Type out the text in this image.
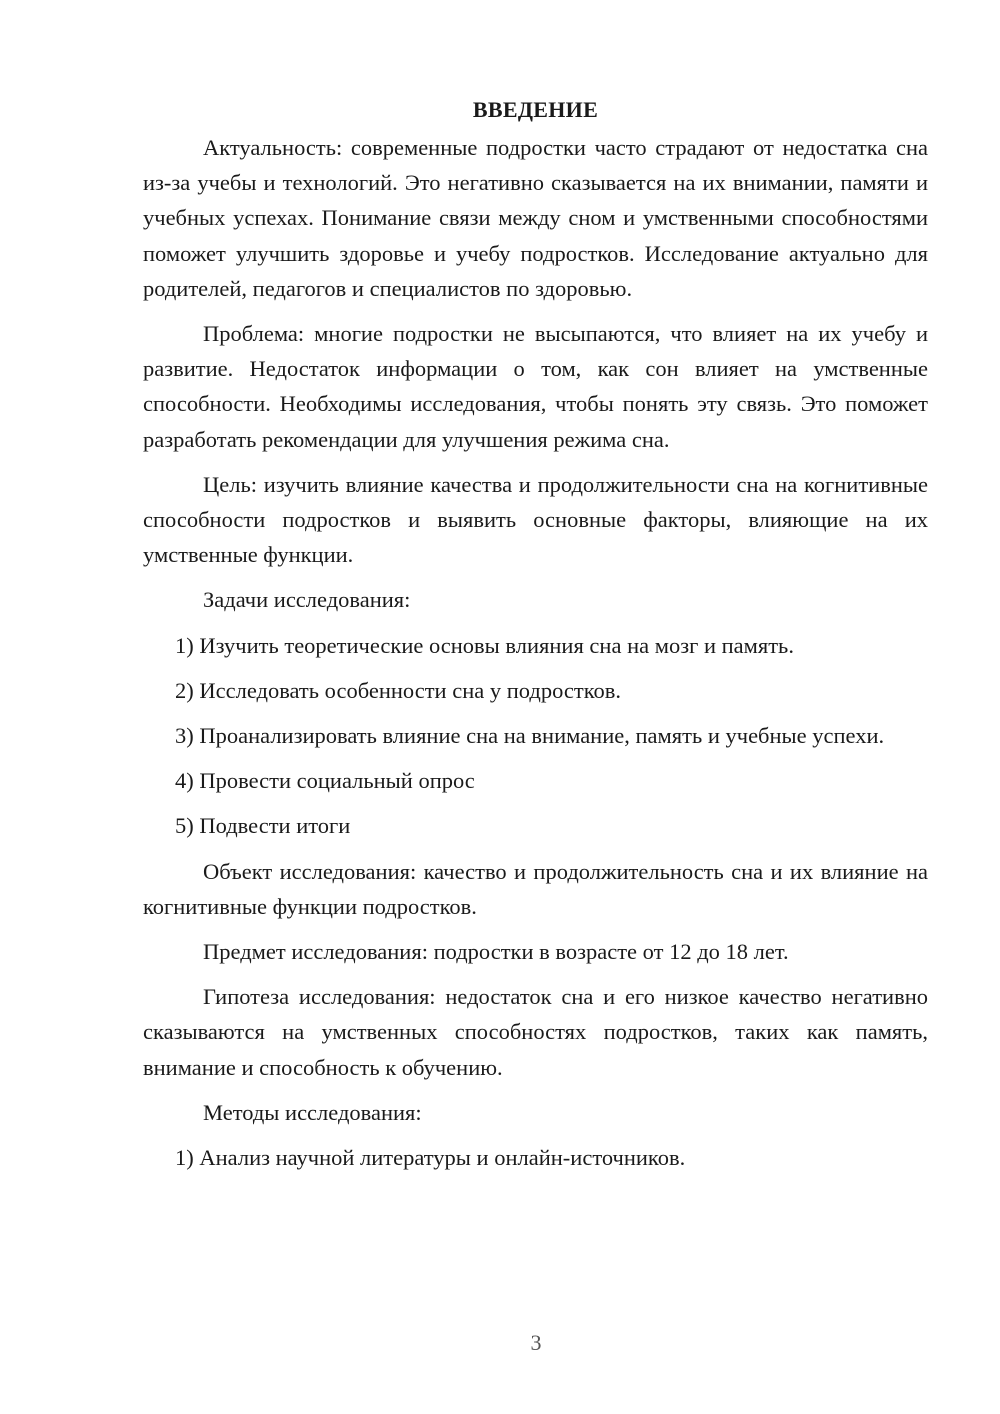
ВВЕДЕНИЕ

Актуальность: современные подростки часто страдают от недостатка сна из-за учебы и технологий. Это негативно сказывается на их внимании, памяти и учебных успехах. Понимание связи между сном и умственными способностями поможет улучшить здоровье и учебу подростков. Исследование актуально для родителей, педагогов и специалистов по здоровью.

Проблема: многие подростки не высыпаются, что влияет на их учебу и развитие. Недостаток информации о том, как сон влияет на умственные способности. Необходимы исследования, чтобы понять эту связь. Это поможет разработать рекомендации для улучшения режима сна.

Цель: изучить влияние качества и продолжительности сна на когнитивные способности подростков и выявить основные факторы, влияющие на их умственные функции.

Задачи исследования:

1) Изучить теоретические основы влияния сна на мозг и память.

2) Исследовать особенности сна у подростков.

3) Проанализировать влияние сна на внимание, память и учебные успехи.

4) Провести социальный опрос

5) Подвести итоги

Объект исследования: качество и продолжительность сна и их влияние на когнитивные функции подростков.

Предмет исследования: подростки в возрасте от 12 до 18 лет.

Гипотеза исследования: недостаток сна и его низкое качество негативно сказываются на умственных способностях подростков, таких как память, внимание и способность к обучению.

Методы исследования:

1) Анализ научной литературы и онлайн-источников.

3
